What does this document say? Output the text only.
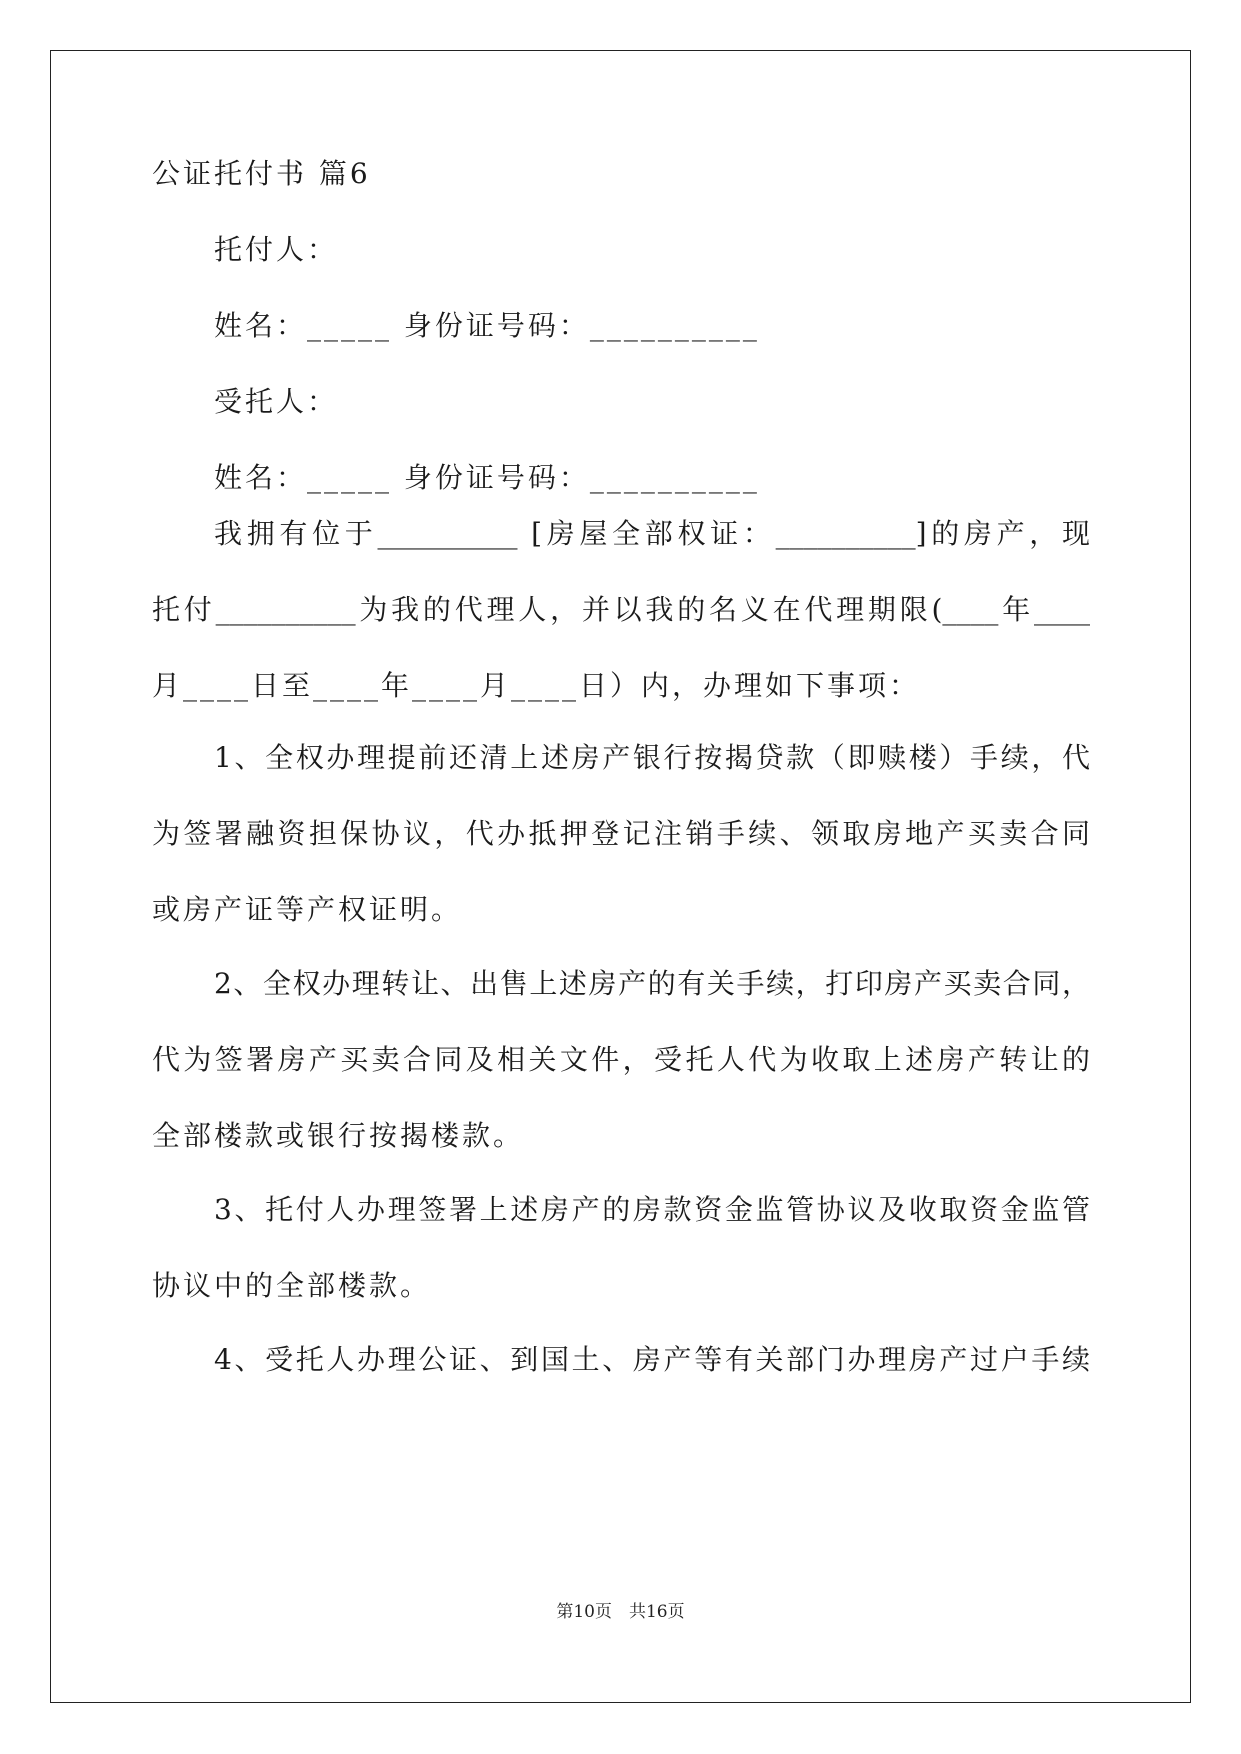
公证托付书 篇6
托付人：
姓名：_____ 身份证号码：__________
受托人：
姓名：_____ 身份证号码：__________
我拥有位于__________ [房屋全部权证：__________]的房产，现
托付__________为我的代理人，并以我的名义在代理期限(____年____
月____日至____年____月____日）内，办理如下事项：
1、全权办理提前还清上述房产银行按揭贷款（即赎楼）手续，代
为签署融资担保协议，代办抵押登记注销手续、领取房地产买卖合同
或房产证等产权证明。
2、全权办理转让、出售上述房产的有关手续，打印房产买卖合同，
代为签署房产买卖合同及相关文件，受托人代为收取上述房产转让的
全部楼款或银行按揭楼款。
3、托付人办理签署上述房产的房款资金监管协议及收取资金监管
协议中的全部楼款。
4、受托人办理公证、到国土、房产等有关部门办理房产过户手续
第10页　共16页
